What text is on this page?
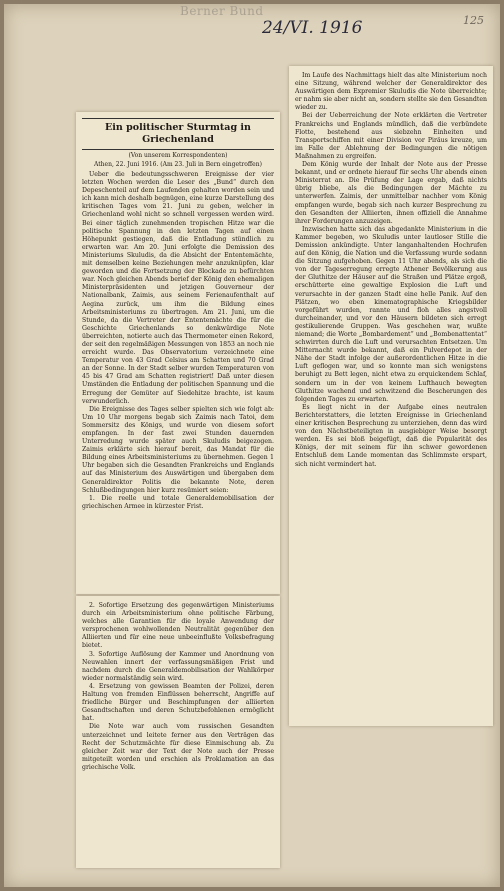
Berner Bund
24/VI. 1916	125
Ein politischer Sturmtag in Griechenland
(Von unserem Korrespondenten)
Athen, 22. Juni 1916. (Am 23. Juli in Bern eingetroffen)

Ueber die bedeutungsschweren Ereignisse der vier letzten Wochen werden die Leser des „Bund“ durch den Depeschenteil auf dem Laufenden gehalten worden sein und ich kann mich deshalb begnügen, eine kurze Darstellung des kritischen Tages vom 21. Juni zu geben, welcher in Griechenland wohl nicht so schnell vergessen werden wird. Bei einer täglich zunehmenden tropischen Hitze war die politische Spannung in den letzten Tagen auf einen Höhepunkt gestiegen, daß die Entladung stündlich zu erwarten war. Am 20. Juni erfolgte die Demission des Ministeriums Skuludis, da die Absicht der Ententemächte, mit demselben keine Beziehungen mehr anzuknüpfen, klar geworden und die Fortsetzung der Blockade zu befürchten war. Noch gleichen Abends berief der König den ehemaligen Ministerpräsidenten und jetzigen Gouverneur der Nationalbank, Zaimis, aus seinem Ferienaufenthalt auf Aegina zurück, um ihm die Bildung eines Arbeitsministeriums zu übertragen. Am 21. Juni, um die Stunde, da die Vertreter der Ententemächte die für die Geschichte Griechenlands so denkwürdige Note überreichten, notierte auch das Thermometer einen Rekord, der seit den regelmäßigen Messungen von 1853 an noch nie erreicht wurde. Das Observatorium verzeichnete eine Temperatur von 43 Grad Celsius am Schatten und 70 Grad an der Sonne. In der Stadt selber wurden Temperaturen von 45 bis 47 Grad am Schatten registriert! Daß unter diesen Umständen die Entladung der politischen Spannung und die Erregung der Gemüter auf Siedehitze brachte, ist kaum verwunderlich.

Die Ereignisse des Tages selber spielten sich wie folgt ab: Um 10 Uhr morgens begab sich Zaimis nach Tatoi, dem Sommersitz des Königs, und wurde von diesem sofort empfangen. In der fast zwei Stunden dauernden Unterredung wurde später auch Skuludis beigezogen. Zaimis erklärte sich hierauf bereit, das Mandat für die Bildung eines Arbeitsministeriums zu übernehmen. Gegen 1 Uhr begaben sich die Gesandten Frankreichs und Englands auf das Ministerium des Auswärtigen und übergaben dem Generaldirektor Politis die bekannte Note, deren Schlußbedingungen hier kurz resümiert seien:

1. Die reelle und totale Generaldemobilisation der griechischen Armee in kürzester Frist.

2. Sofortige Ersetzung des gegenwärtigen Ministeriums durch ein Arbeitsministerium ohne politische Färbung, welches alle Garantien für die loyale Anwendung der versprochenen wohlwollenden Neutralität gegenüber den Alliierten und für eine neue unbeeinflußte Volksbefragung bietet.

3. Sofortige Auflösung der Kammer und Anordnung von Neuwahlen innert der verfassungsmäßigen Frist und nachdem durch die Generaldemobilisation der Wahlkörper wieder normalständig sein wird.

4. Ersetzung von gewissen Beamten der Polizei, deren Haltung von fremden Einflüssen beherrscht, Angriffe auf friedliche Bürger und Beschimpfungen der alliierten Gesandtschaften und deren Schutzbefohlenen ermöglicht hat.

Die Note war auch vom russischen Gesandten unterzeichnet und leitete ferner aus den Verträgen das Recht der Schutzmächte für diese Einmischung ab. Zu gleicher Zeit war der Text der Note auch der Presse mitgeteilt worden und erschien als Proklamation an das griechische Volk.

Im Laufe des Nachmittags hielt das alte Ministerium noch eine Sitzung, während welcher der Generaldirektor des Auswärtigen dem Expremier Skuludis die Note überreichte; er nahm sie aber nicht an, sondern stellte sie den Gesandten wieder zu.

Bei der Ueberreichung der Note erklärten die Vertreter Frankreichs und Englands mündlich, daß die verbündete Flotte, bestehend aus siebzehn Einheiten und Transportschiffen mit einer Division vor Piräus kreuze, um im Falle der Ablehnung der Bedingungen die nötigen Maßnahmen zu ergreifen.

Dem König wurde der Inhalt der Note aus der Presse bekannt, und er ordnete hierauf für sechs Uhr abends einen Ministerrat an. Die Prüfung der Lage ergab, daß nichts übrig bliebe, als die Bedingungen der Mächte zu unterwerfen. Zaimis, der unmittelbar nachher vom König empfangen wurde, begab sich nach kurzer Besprechung zu den Gesandten der Alliierten, ihnen offiziell die Annahme ihrer Forderungen anzuzeigen.

Inzwischen hatte sich das abgedankte Ministerium in die Kammer begeben, wo Skuludis unter lautloser Stille die Demission ankündigte. Unter langanhaltenden Hochrufen auf den König, die Nation und die Verfassung wurde sodann die Sitzung aufgehoben. Gegen 11 Uhr abends, als sich die von der Tageserregung erregte Athener Bevölkerung aus der Gluthitze der Häuser auf die Straßen und Plätze ergoß, erschütterte eine gewaltige Explosion die Luft und verursachte in der ganzen Stadt eine helle Panik. Auf den Plätzen, wo eben kinematographische Kriegsbilder vorgeführt wurden, rannte und floh alles angstvoll durcheinander, und vor den Häusern bildeten sich erregt gestikulierende Gruppen. Was geschehen war, wußte niemand; die Worte „Bombardement“ und „Bombenattentat“ schwirrten durch die Luft und verursachten Entsetzen. Um Mitternacht wurde bekannt, daß ein Pulverdepot in der Nähe der Stadt infolge der außerordentlichen Hitze in die Luft geflogen war, und so konnte man sich wenigstens beruhigt zu Bett legen, nicht etwa zu erquickendem Schlaf, sondern um in der von keinem Lufthauch bewegten Gluthitze wachend und schwitzend die Bescherungen des folgenden Tages zu erwarten.

Es liegt nicht in der Aufgabe eines neutralen Berichterstatters, die letzten Ereignisse in Griechenland einer kritischen Besprechung zu unterziehen, denn das wird von den Nächstbeteiligten in ausgiebiger Weise besorgt werden. Es sei bloß beigefügt, daß die Popularität des Königs, der mit seinem für ihn schwer gewordenen Entschluß dem Lande momentan das Schlimmste erspart, sich nicht vermindert hat.
